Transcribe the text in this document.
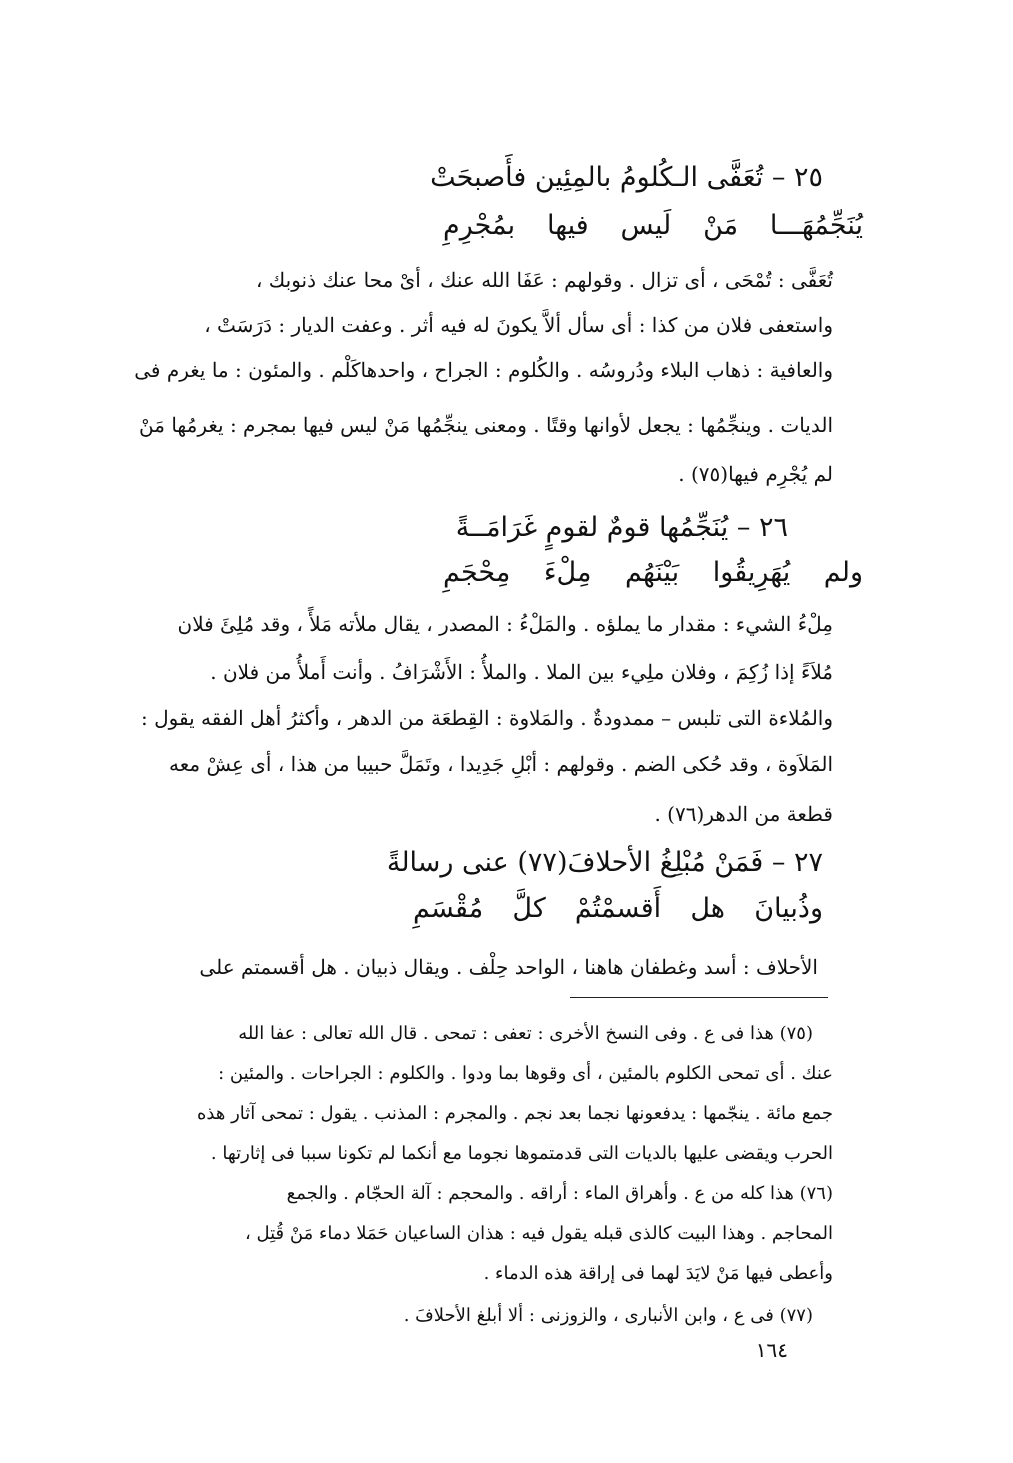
٢٥ – تُعَفَّى الـكُلومُ بالمِئِين فأَصبحَتْ
يُنَجِّمُهَـــا مَنْ لَيس فيها بمُجْرِمِ
تُعَفَّى : تُمْحَى ، أى تزال . وقولهم : عَفَا الله عنك ، أىْ محا عنك ذنوبك ،
واستعفى فلان من كذا : أى سأل ألاَّ يكونَ له فيه أثر . وعفت الديار : دَرَسَتْ ،
والعافية : ذهاب البلاء ودُروسُه . والكُلوم : الجراح ، واحدهاكَلْم . والمئون : ما يغرم فى
الديات . وينجِّمُها : يجعل لأوانها وقتًا . ومعنى ينجِّمُها مَنْ ليس فيها بمجرم : يغرمُها مَنْ
لم يُجْرِم فيها(٧٥) .
٢٦ – يُنَجِّمُها قومٌ لقومٍ غَرَامَــةً
ولم يُهَرِيقُوا بَيْنَهُم مِلْءَ مِحْجَمِ
مِلْءُ الشيء : مقدار ما يملؤه . والمَلْءُ : المصدر ، يقال ملأته مَلأً ، وقد مُلِئَ فلان
مُلاَءً إذا زُكِمَ ، وفلان ملِيء بين الملا . والملأُ : الأَشْرَافُ . وأنت أَملأُ من فلان .
والمُلاءة التى تلبس – ممدودةٌ . والمَلاوة : القِطعَة من الدهر ، وأكثرُ أهل الفقه يقول :
المَلاَوة ، وقد حُكى الضم . وقولهم : أبْلِ جَدِيدا ، وتَمَلَّ حبيبا من هذا ، أى عِشْ معه
قطعة من الدهر(٧٦) .
٢٧ – فَمَنْ مُبْلِغُ الأحلافَ(٧٧) عنى رسالةً
وذُبيانَ هل أَقسمْتُمْ كلَّ مُقْسَمِ
الأحلاف : أسد وغطفان هاهنا ، الواحد حِلْف . ويقال ذبيان . هل أقسمتم على
(٧٥) هذا فى ع . وفى النسخ الأخرى : تعفى : تمحى . قال الله تعالى : عفا الله
عنك . أى تمحى الكلوم بالمئين ، أى وقوها بما ودوا . والكلوم : الجراحات . والمئين :
جمع مائة . ينجّمها : يدفعونها نجما بعد نجم . والمجرم : المذنب . يقول : تمحى آثار هذه
الحرب ويقضى عليها بالديات التى قدمتموها نجوما مع أنكما لم تكونا سببا فى إثارتها .
(٧٦) هذا كله من ع . وأهراق الماء : أراقه . والمحجم : آلة الحجّام . والجمع
المحاجم . وهذا البيت كالذى قبله يقول فيه : هذان الساعيان حَمَلا دماء مَنْ قُتِل ،
وأعطى فيها مَنْ لايَدَ لهما فى إراقة هذه الدماء .
(٧٧) فى ع ، وابن الأنبارى ، والزوزنى : ألا أبلغ الأحلافَ .
١٦٤
